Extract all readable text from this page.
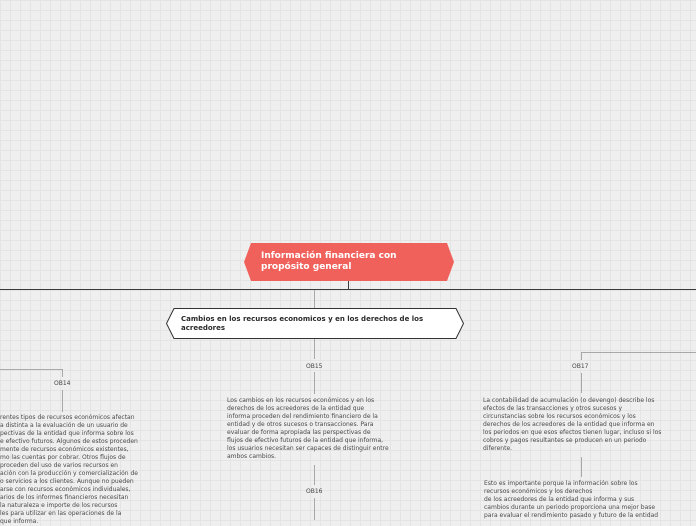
Información financiera con propósito general
Cambios en los recursos economicos y en los derechos de los acreedores
OB14
OB15
OB16
OB17
rentes tipos de recursos económicos afectan
a distinta a la evaluación de un usuario de
pectivas de la entidad que informa sobre los
e efectivo futuros. Algunos de estos proceden
mente de recursos económicos existentes,
mo las cuentas por cobrar. Otros flujos de
proceden del uso de varios recursos en
ación con la producción y comercialización de
o servicios a los clientes. Aunque no pueden
arse con recursos económicos individuales,
arios de los informes financieros necesitan
la naturaleza e importe de los recursos
les para utilizar en las operaciones de la
que informa.
Los cambios en los recursos económicos y en los
derechos de los acreedores de la entidad que
informa proceden del rendimiento financiero de la
entidad y de otros sucesos o transacciones. Para
evaluar de forma apropiada las perspectivas de
flujos de efectivo futuros de la entidad que informa,
los usuarios necesitan ser capaces de distinguir entre
ambos cambios.
La contabilidad de acumulación (o devengo) describe los
efectos de las transacciones y otros sucesos y
circunstancias sobre los recursos económicos y los
derechos de los acreedores de la entidad que informa en
los periodos en que esos efectos tienen lugar, incluso si los
cobros y pagos resultantes se producen en un periodo
diferente.
Esto es importante porque la información sobre los
recursos económicos y los derechos
de los acreedores de la entidad que informa y sus
cambios durante un periodo proporciona una mejor base
para evaluar el rendimiento pasado y futuro de la entidad
